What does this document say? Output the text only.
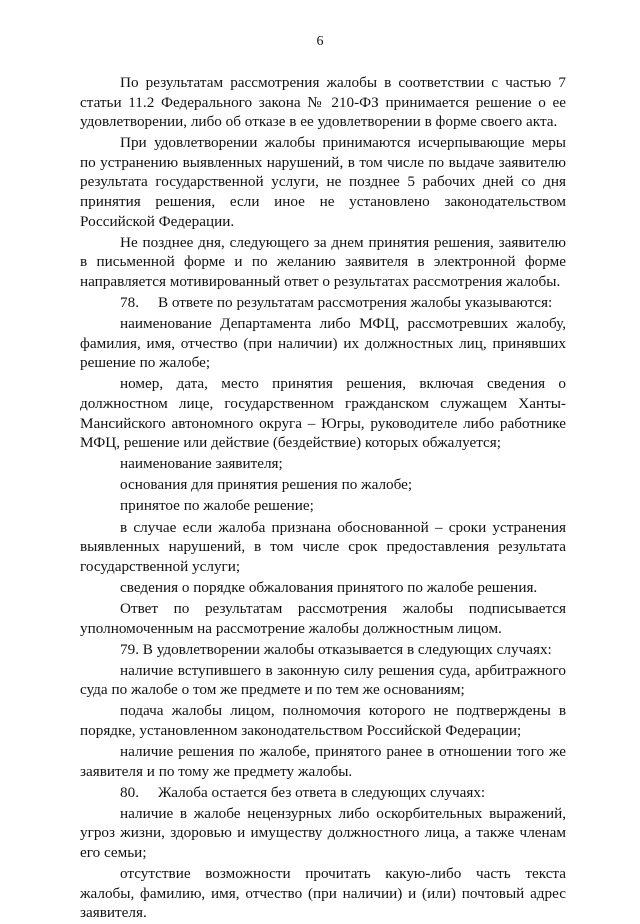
6

По результатам рассмотрения жалобы в соответствии с частью 7 статьи 11.2 Федерального закона № 210-ФЗ принимается решение о ее удовлетворении, либо об отказе в ее удовлетворении в форме своего акта.

При удовлетворении жалобы принимаются исчерпывающие меры по устранению выявленных нарушений, в том числе по выдаче заявителю результата государственной услуги, не позднее 5 рабочих дней со дня принятия решения, если иное не установлено законодательством Российской Федерации.

Не позднее дня, следующего за днем принятия решения, заявителю в письменной форме и по желанию заявителя в электронной форме направляется мотивированный ответ о результатах рассмотрения жалобы.

78.     В ответе по результатам рассмотрения жалобы указываются:

наименование Департамента либо МФЦ, рассмотревших жалобу, фамилия, имя, отчество (при наличии) их должностных лиц, принявших решение по жалобе;

номер, дата, место принятия решения, включая сведения о должностном лице, государственном гражданском служащем Ханты-Мансийского автономного округа – Югры, руководителе либо работнике МФЦ, решение или действие (бездействие) которых обжалуется;

наименование заявителя;

основания для принятия решения по жалобе;

принятое по жалобе решение;

в случае если жалоба признана обоснованной – сроки устранения выявленных нарушений, в том числе срок предоставления результата государственной услуги;

сведения о порядке обжалования принятого по жалобе решения.

Ответ по результатам рассмотрения жалобы подписывается уполномоченным на рассмотрение жалобы должностным лицом.

79. В удовлетворении жалобы отказывается в следующих случаях:

наличие вступившего в законную силу решения суда, арбитражного суда по жалобе о том же предмете и по тем же основаниям;

подача жалобы лицом, полномочия которого не подтверждены в порядке, установленном законодательством Российской Федерации;

наличие решения по жалобе, принятого ранее в отношении того же заявителя и по тому же предмету жалобы.

80.     Жалоба остается без ответа в следующих случаях:

наличие в жалобе нецензурных либо оскорбительных выражений, угроз жизни, здоровью и имуществу должностного лица, а также членам его семьи;

отсутствие возможности прочитать какую-либо часть текста жалобы, фамилию, имя, отчество (при наличии) и (или) почтовый адрес заявителя.
